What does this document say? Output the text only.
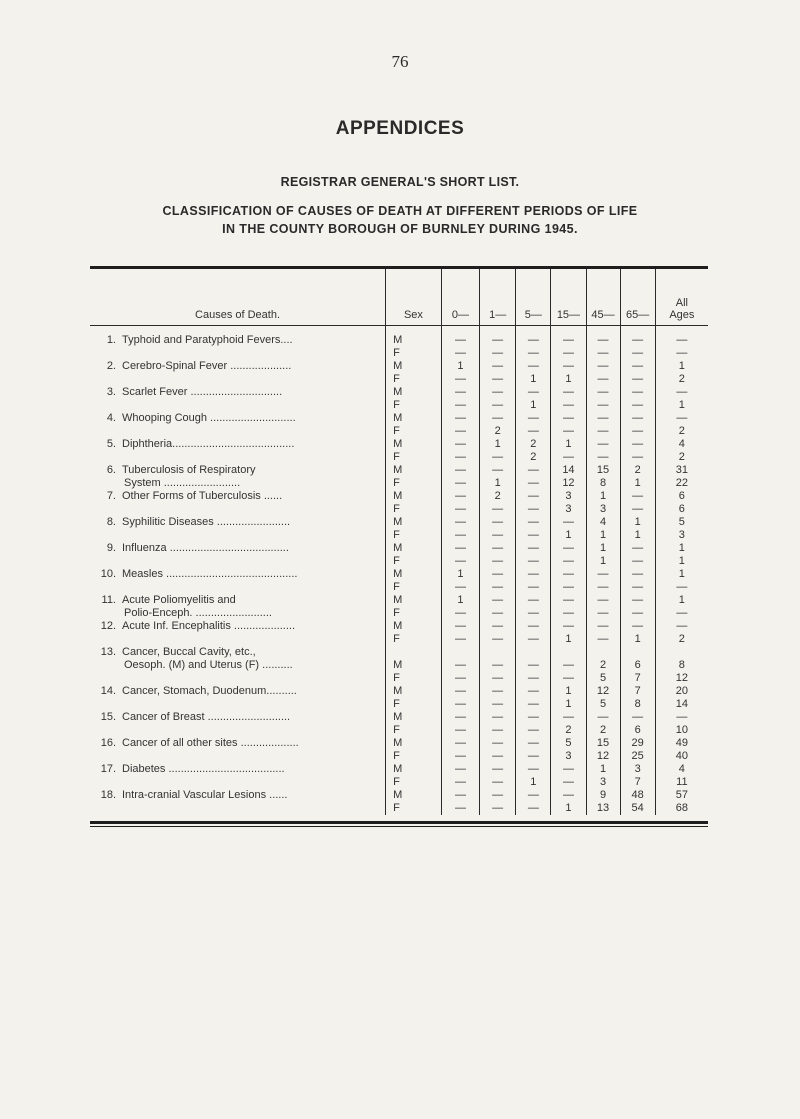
76
APPENDICES
REGISTRAR GENERAL'S SHORT LIST.
CLASSIFICATION OF CAUSES OF DEATH AT DIFFERENT PERIODS OF LIFE
IN THE COUNTY BOROUGH OF BURNLEY DURING 1945.
Causes of Death.	Sex	0—	1—	5—	15—	45—	65—	All
Ages

1. Typhoid and Paratyphoid Fevers....	M	—	—	—	—	—	—	—
	F	—	—	—	—	—	—	—
2. Cerebro-Spinal Fever ....................	M	1	—	—	—	—	—	1
	F	—	—	1	1	—	—	2
3. Scarlet Fever ..............................	M	—	—	—	—	—	—	—
	F	—	—	1	—	—	—	1
4. Whooping Cough ............................	M	—	—	—	—	—	—	—
	F	—	2	—	—	—	—	2
5. Diphtheria........................................	M	—	1	2	1	—	—	4
	F	—	—	2	—	—	—	2
6. Tuberculosis of Respiratory	M	—	—	—	14	15	2	31
System .........................	F	—	1	—	12	8	1	22
7. Other Forms of Tuberculosis ......	M	—	2	—	3	1	—	6
	F	—	—	—	3	3	—	6
8. Syphilitic Diseases ........................	M	—	—	—	—	4	1	5
	F	—	—	—	1	1	1	3
9. Influenza .......................................	M	—	—	—	—	1	—	1
	F	—	—	—	—	1	—	1
10. Measles ...........................................	M	1	—	—	—	—	—	1
	F	—	—	—	—	—	—	—
11. Acute Poliomyelitis and	M	1	—	—	—	—	—	1
Polio-Enceph. .........................	F	—	—	—	—	—	—	—
12. Acute Inf. Encephalitis ....................	M	—	—	—	—	—	—	—
	F	—	—	—	1	—	1	2
13. Cancer, Buccal Cavity, etc.,								
Oesoph. (M) and Uterus (F) ..........	M	—	—	—	—	2	6	8
	F	—	—	—	—	5	7	12
14. Cancer, Stomach, Duodenum..........	M	—	—	—	1	12	7	20
	F	—	—	—	1	5	8	14
15. Cancer of Breast ...........................	M	—	—	—	—	—	—	—
	F	—	—	—	2	2	6	10
16. Cancer of all other sites ...................	M	—	—	—	5	15	29	49
	F	—	—	—	3	12	25	40
17. Diabetes ......................................	M	—	—	—	—	1	3	4
	F	—	—	1	—	3	7	11
18. Intra-cranial Vascular Lesions ......	M	—	—	—	—	9	48	57
	F	—	—	—	1	13	54	68
